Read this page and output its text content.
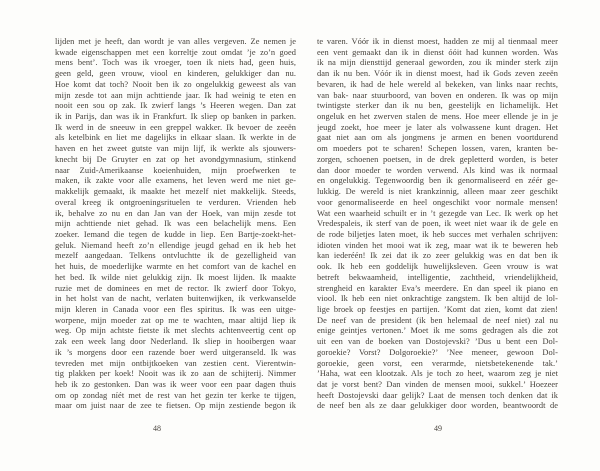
lijden met je heeft, dan wordt je van alles vergeven. Ze nemen je
kwade eigenschappen met een korreltje zout omdat ’je zo’n goed
mens bent’. Toch was ik vroeger, toen ik niets had, geen huis,
geen geld, geen vrouw, viool en kinderen, gelukkiger dan nu.
Hoe komt dat toch? Nooit ben ik zo ongelukkig geweest als van
mijn zesde tot aan mijn achttiende jaar. Ik had weinig te eten en
nooit een sou op zak. Ik zwierf langs ’s Heeren wegen. Dan zat
ik in Parijs, dan was ik in Frankfurt. Ik sliep op banken in parken.
Ik werd in de sneeuw in een greppel wakker. Ik bevoer de zeeën
als ketelbink en liet me dagelijks in elkaar slaan. Ik werkte in de
haven en het zweet gutste van mijn lijf, ik werkte als sjouwers-
knecht bij De Gruyter en zat op het avondgymnasium, stinkend
naar Zuid-Amerikaanse koeienhuiden, mijn proefwerken te
maken, ik zakte voor alle examens, het leven werd me niet ge-
makkelijk gemaakt, ik maakte het mezelf niet makkelijk. Steeds,
overal kreeg ik ontgroeningsrituelen te verduren. Vrienden heb
ik, behalve zo nu en dan Jan van der Hoek, van mijn zesde tot
mijn achttiende niet gehad. Ik was een belachelijk mens. Een
zoeker. Iemand die tegen de kudde in liep. Een Bartje-zoekt-het-
geluk. Niemand heeft zo’n ellendige jeugd gehad en ik heb het
mezelf aangedaan. Telkens ontvluchtte ik de gezelligheid van
het huis, de moederlijke warmte en het comfort van de kachel en
het bed. Ik wilde niet gelukkig zijn. Ik moest lijden. Ik maakte
ruzie met de dominees en met de rector. Ik zwierf door Tokyo,
in het holst van de nacht, verlaten buitenwijken, ik verkwanselde
mijn kleren in Canada voor een fles spiritus. Ik was een uitge-
worpene, mijn moeder zat op me te wachten, maar altijd liep ik
weg. Op mijn achtste fietste ik met slechts achtenveertig cent op
zak een week lang door Nederland. Ik sliep in hooibergen waar
ik ’s morgens door een razende boer werd uitgeranseld. Ik was
tevreden met mijn ontbijtkoeken van zestien cent. Vierentwin-
tig plakken per koek! Nooit was ik zo aan de schijterij. Nimmer
heb ik zo gestonken. Dan was ik weer voor een paar dagen thuis
om op zondag níét met de rest van het gezin ter kerke te tijgen,
maar om juist naar de zee te fietsen. Op mijn zestiende begon ik
te varen. Vóór ik in dienst moest, hadden ze mij al tienmaal meer
een vent gemaakt dan ik in dienst óóit had kunnen worden. Was
ik na mijn diensttijd generaal geworden, zou ik minder sterk zijn
dan ik nu ben. Vóór ik in dienst moest, had ik Gods zeven zeeën
bevaren, ik had de hele wereld al bekeken, van links naar rechts,
van bak- naar stuurboord, van boven en onderen. Ik was op mijn
twintigste sterker dan ik nu ben, geestelijk en lichamelijk. Het
ongeluk en het zwerven stalen de mens. Hoe meer ellende je in je
jeugd zoekt, hoe meer je later als volwassene kunt dragen. Het
gaat niet aan om als jongmens je armen en benen voortdurend
om moeders pot te scharen! Schepen lossen, varen, kranten be-
zorgen, schoenen poetsen, in de drek gepletterd worden, is beter
dan door moeder te worden verwend. Als kind was ik normaal
en ongelukkig. Tegenwoordig ben ik genormaliseerd en zéér ge-
lukkig. De wereld is niet krankzinnig, alleen maar zeer geschikt
voor genormaliseerde en heel ongeschikt voor normale mensen!
Wat een waarheid schuilt er in ’t gezegde van Lec. Ik werk op het
Vredespaleis, ik sterf van de poen, ik weet niet waar ik de gele en
de rode biljetjes laten moet, ik heb succes met verhalen schrijven:
idioten vinden het mooi wat ik zeg, maar wat ik te beweren heb
kan iederéén! Ik zei dat ik zo zeer gelukkig was en dat ben ik
ook. Ik heb een goddelijk huwelijksleven. Geen vrouw is wat
betreft bekwaamheid, intelligentie, zachtheid, vriendelijkheid,
strengheid en karakter Eva’s meerdere. En dan speel ik piano en
viool. Ik heb een niet onkrachtige zangstem. Ik ben altijd de lol-
lige broek op feestjes en partijen. ’Komt dat zien, komt dat zien!
De neef van de president (ik ben helemaal de neef niet) zal nu
enige geintjes vertonen.’ Moet ik me soms gedragen als die zot
uit een van de boeken van Dostojevski? ’Dus u bent een Dol-
goroekie? Vorst? Dolgoroekie?’ ’Nee meneer, gewoon Dol-
goroekie, geen vorst, een verarmde, nietsbetekenende tak.’
’Haha, wat een klootzak. Als je toch zo heet, waarom zeg je niet
dat je vorst bent? Dan vinden de mensen mooi, sukkel.’ Hoezeer
heeft Dostojevski daar gelijk? Laat de mensen toch denken dat ik
de neef ben als ze daar gelukkiger door worden, beantwoordt de
48	49
